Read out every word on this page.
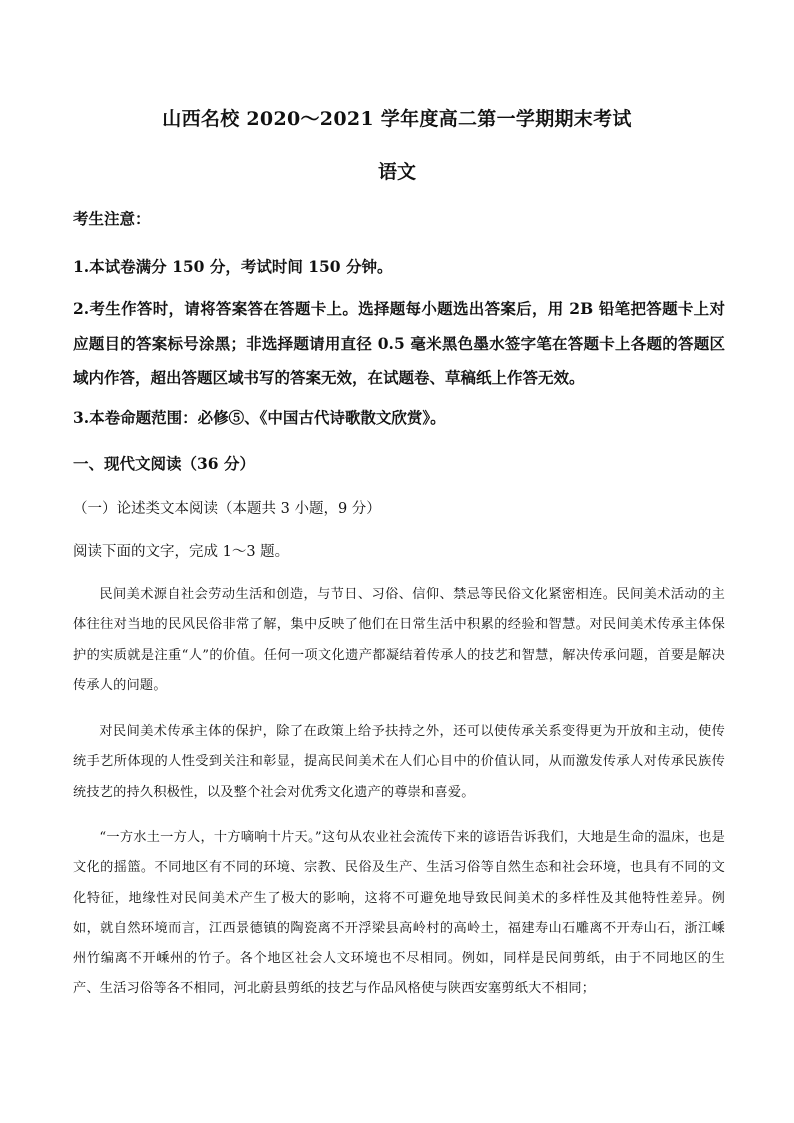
山西名校 2020～2021 学年度高二第一学期期末考试
语文
考生注意：
1.本试卷满分 150 分，考试时间 150 分钟。
2.考生作答时，请将答案答在答题卡上。选择题每小题选出答案后，用 2B 铅笔把答题卡上对应题目的答案标号涂黑；非选择题请用直径 0.5 毫米黑色墨水签字笔在答题卡上各题的答题区域内作答，超出答题区域书写的答案无效，在试题卷、草稿纸上作答无效。
3.本卷命题范围：必修⑤、《中国古代诗歌散文欣赏》。
一、现代文阅读（36 分）
（一）论述类文本阅读（本题共 3 小题，9 分）
阅读下面的文字，完成 1～3 题。
民间美术源自社会劳动生活和创造，与节日、习俗、信仰、禁忌等民俗文化紧密相连。民间美术活动的主体往往对当地的民风民俗非常了解，集中反映了他们在日常生活中积累的经验和智慧。对民间美术传承主体保护的实质就是注重“人”的价值。任何一项文化遗产都凝结着传承人的技艺和智慧，解决传承问题，首要是解决传承人的问题。
对民间美术传承主体的保护，除了在政策上给予扶持之外，还可以使传承关系变得更为开放和主动，使传统手艺所体现的人性受到关注和彰显，提高民间美术在人们心目中的价值认同，从而激发传承人对传承民族传统技艺的持久积极性，以及整个社会对优秀文化遗产的尊崇和喜爱。
“一方水土一方人，十方嘀响十片天。”这句从农业社会流传下来的谚语告诉我们，大地是生命的温床，也是文化的摇篮。不同地区有不同的环境、宗教、民俗及生产、生活习俗等自然生态和社会环境，也具有不同的文化特征，地缘性对民间美术产生了极大的影响，这将不可避免地导致民间美术的多样性及其他特性差异。例如，就自然环境而言，江西景德镇的陶瓷离不开浮梁县高岭村的高岭土，福建寿山石雕离不开寿山石，浙江嵊州竹编离不开嵊州的竹子。各个地区社会人文环境也不尽相同。例如，同样是民间剪纸，由于不同地区的生产、生活习俗等各不相同，河北蔚县剪纸的技艺与作品风格使与陕西安塞剪纸大不相同；
